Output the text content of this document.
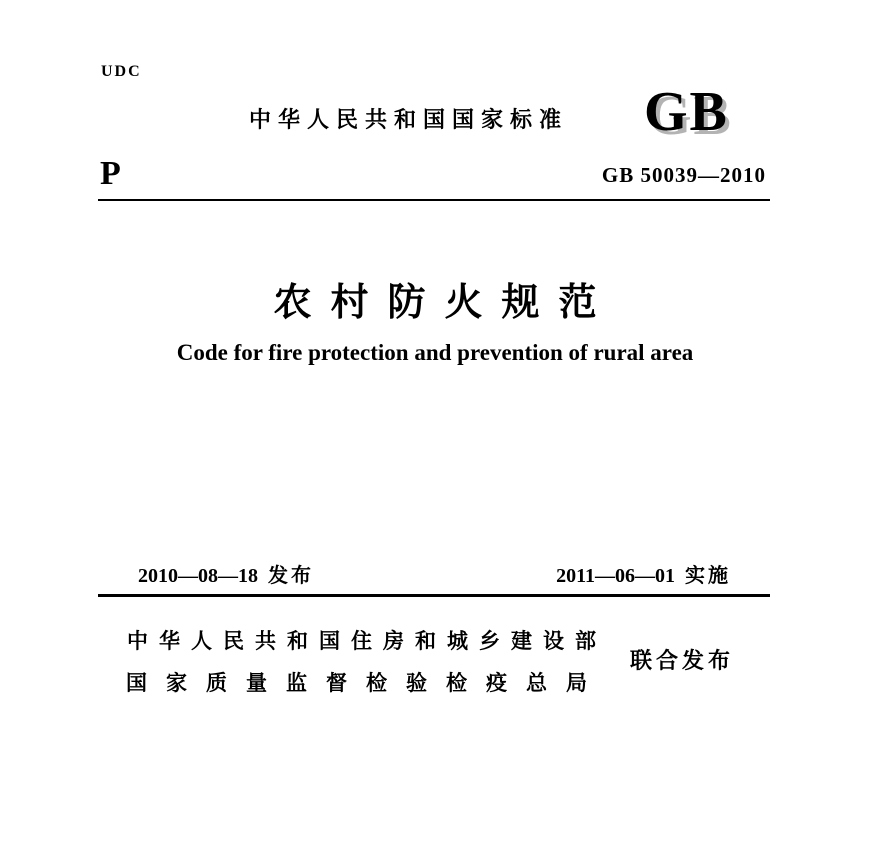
UDC
中华人民共和国国家标准 GB
P	GB 50039—2010
农村防火规范
Code for fire protection and prevention of rural area
2010—08—18 发布	2011—06—01 实施
中华人民共和国住房和城乡建设部
国家质量监督检验检疫总局
联合发布
